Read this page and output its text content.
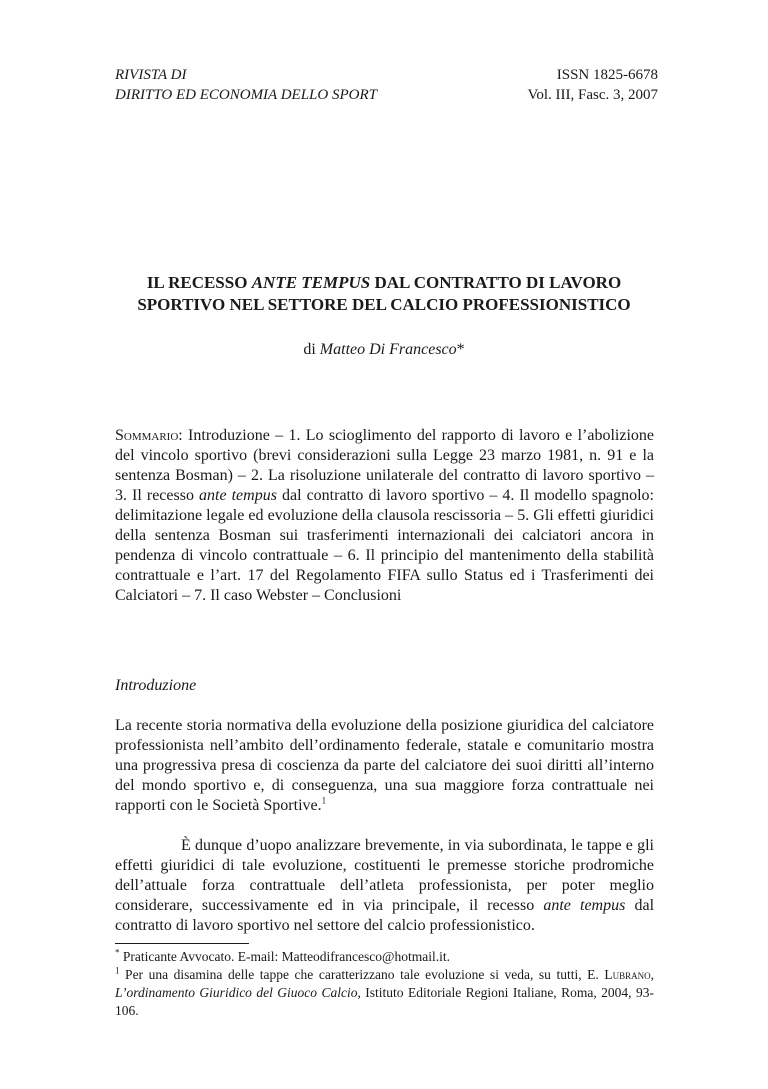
RIVISTA DI
DIRITTO ED ECONOMIA DELLO SPORT
ISSN 1825-6678
Vol. III, Fasc. 3, 2007
IL RECESSO ANTE TEMPUS DAL CONTRATTO DI LAVORO
SPORTIVO NEL SETTORE DEL CALCIO PROFESSIONISTICO
di Matteo Di Francesco*
Sommario: Introduzione – 1. Lo scioglimento del rapporto di lavoro e l’abolizione del vincolo sportivo (brevi considerazioni sulla Legge 23 marzo 1981, n. 91 e la sentenza Bosman) – 2. La risoluzione unilaterale del contratto di lavoro sportivo – 3. Il recesso ante tempus dal contratto di lavoro sportivo – 4. Il modello spagnolo: delimitazione legale ed evoluzione della clausola rescissoria – 5. Gli effetti giuridici della sentenza Bosman sui trasferimenti internazionali dei calciatori ancora in pendenza di vincolo contrattuale – 6. Il principio del mantenimento della stabilità contrattuale e l’art. 17 del Regolamento FIFA sullo Status ed i Trasferimenti dei Calciatori – 7. Il caso Webster – Conclusioni
Introduzione
La recente storia normativa della evoluzione della posizione giuridica del calciatore professionista nell’ambito dell’ordinamento federale, statale e comunitario mostra una progressiva presa di coscienza da parte del calciatore dei suoi diritti all’interno del mondo sportivo e, di conseguenza, una sua maggiore forza contrattuale nei rapporti con le Società Sportive.$^1$
È dunque d’uopo analizzare brevemente, in via subordinata, le tappe e gli effetti giuridici di tale evoluzione, costituenti le premesse storiche prodromiche dell’attuale forza contrattuale dell’atleta professionista, per poter meglio considerare, successivamente ed in via principale, il recesso ante tempus dal contratto di lavoro sportivo nel settore del calcio professionistico.

* Praticante Avvocato. E-mail: Matteodifrancesco@hotmail.it.

$^1$ Per una disamina delle tappe che caratterizzano tale evoluzione si veda, su tutti, E. Lubrano, L’ordinamento Giuridico del Giuoco Calcio, Istituto Editoriale Regioni Italiane, Roma, 2004, 93-106.
